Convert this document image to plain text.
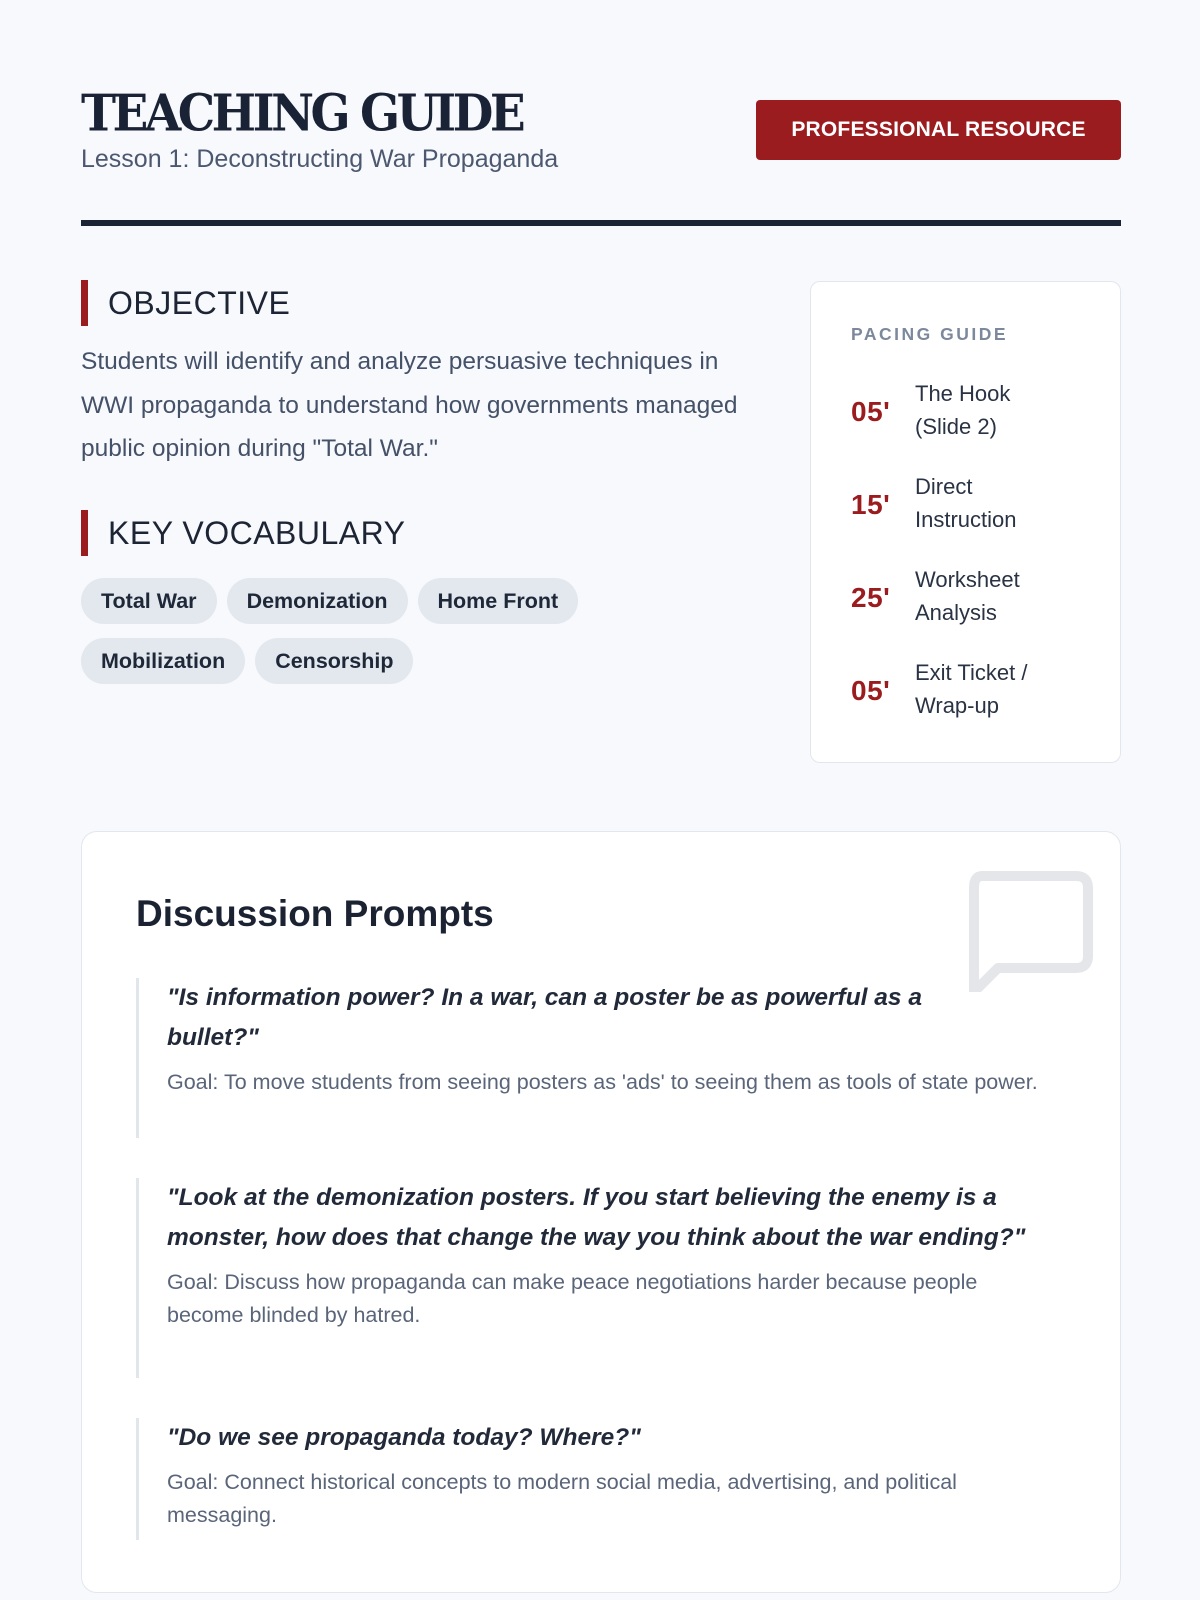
TEACHING GUIDE
Lesson 1: Deconstructing War Propaganda
PROFESSIONAL RESOURCE
OBJECTIVE
Students will identify and analyze persuasive techniques in WWI propaganda to understand how governments managed public opinion during "Total War."
KEY VOCABULARY
Total War Demonization Home FrontMobilization Censorship
PACING GUIDE
05'
The Hook (Slide 2)
15'
Direct Instruction
25'
Worksheet Analysis
05'
Exit Ticket / Wrap-up
Discussion Prompts
"Is information power? In a war, can a poster be as powerful as a bullet?"
Goal: To move students from seeing posters as 'ads' to seeing them as tools of state power.
"Look at the demonization posters. If you start believing the enemy is a monster, how does that change the way you think about the war ending?"
Goal: Discuss how propaganda can make peace negotiations harder because people become blinded by hatred.
"Do we see propaganda today? Where?"
Goal: Connect historical concepts to modern social media, advertising, and political messaging.
